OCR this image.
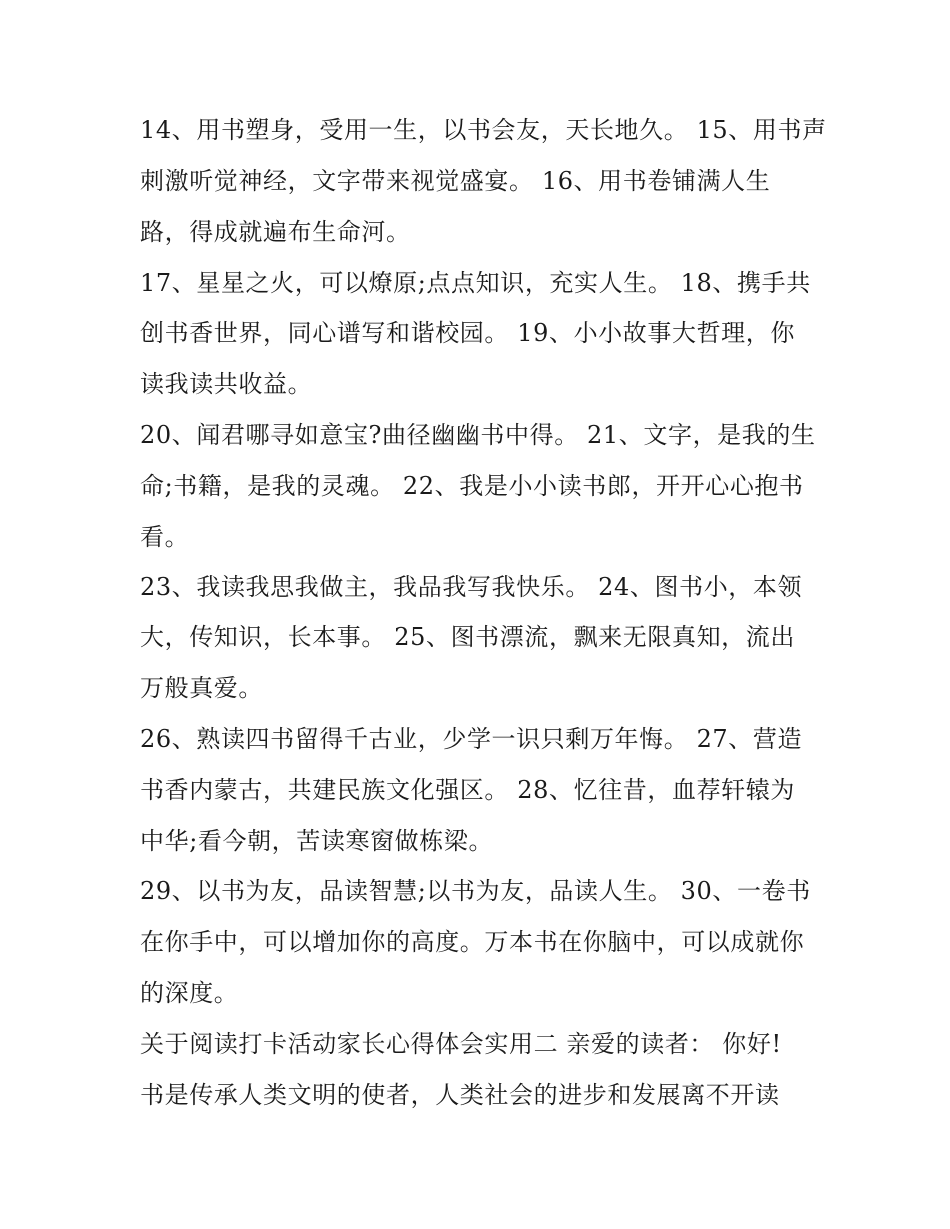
14、用书塑身，受用一生，以书会友，天长地久。 15、用书声
刺激听觉神经，文字带来视觉盛宴。 16、用书卷铺满人生
路，得成就遍布生命河。
17、星星之火，可以燎原;点点知识，充实人生。 18、携手共
创书香世界，同心谱写和谐校园。 19、小小故事大哲理，你
读我读共收益。
20、闻君哪寻如意宝?曲径幽幽书中得。 21、文字，是我的生
命;书籍，是我的灵魂。 22、我是小小读书郎，开开心心抱书
看。
23、我读我思我做主，我品我写我快乐。 24、图书小，本领
大，传知识，长本事。 25、图书漂流，飘来无限真知，流出
万般真爱。
26、熟读四书留得千古业，少学一识只剩万年悔。 27、营造
书香内蒙古，共建民族文化强区。 28、忆往昔，血荐轩辕为
中华;看今朝，苦读寒窗做栋梁。
29、以书为友，品读智慧;以书为友，品读人生。 30、一卷书
在你手中，可以增加你的高度。万本书在你脑中，可以成就你
的深度。
关于阅读打卡活动家长心得体会实用二 亲爱的读者： 你好!
书是传承人类文明的使者，人类社会的进步和发展离不开读
